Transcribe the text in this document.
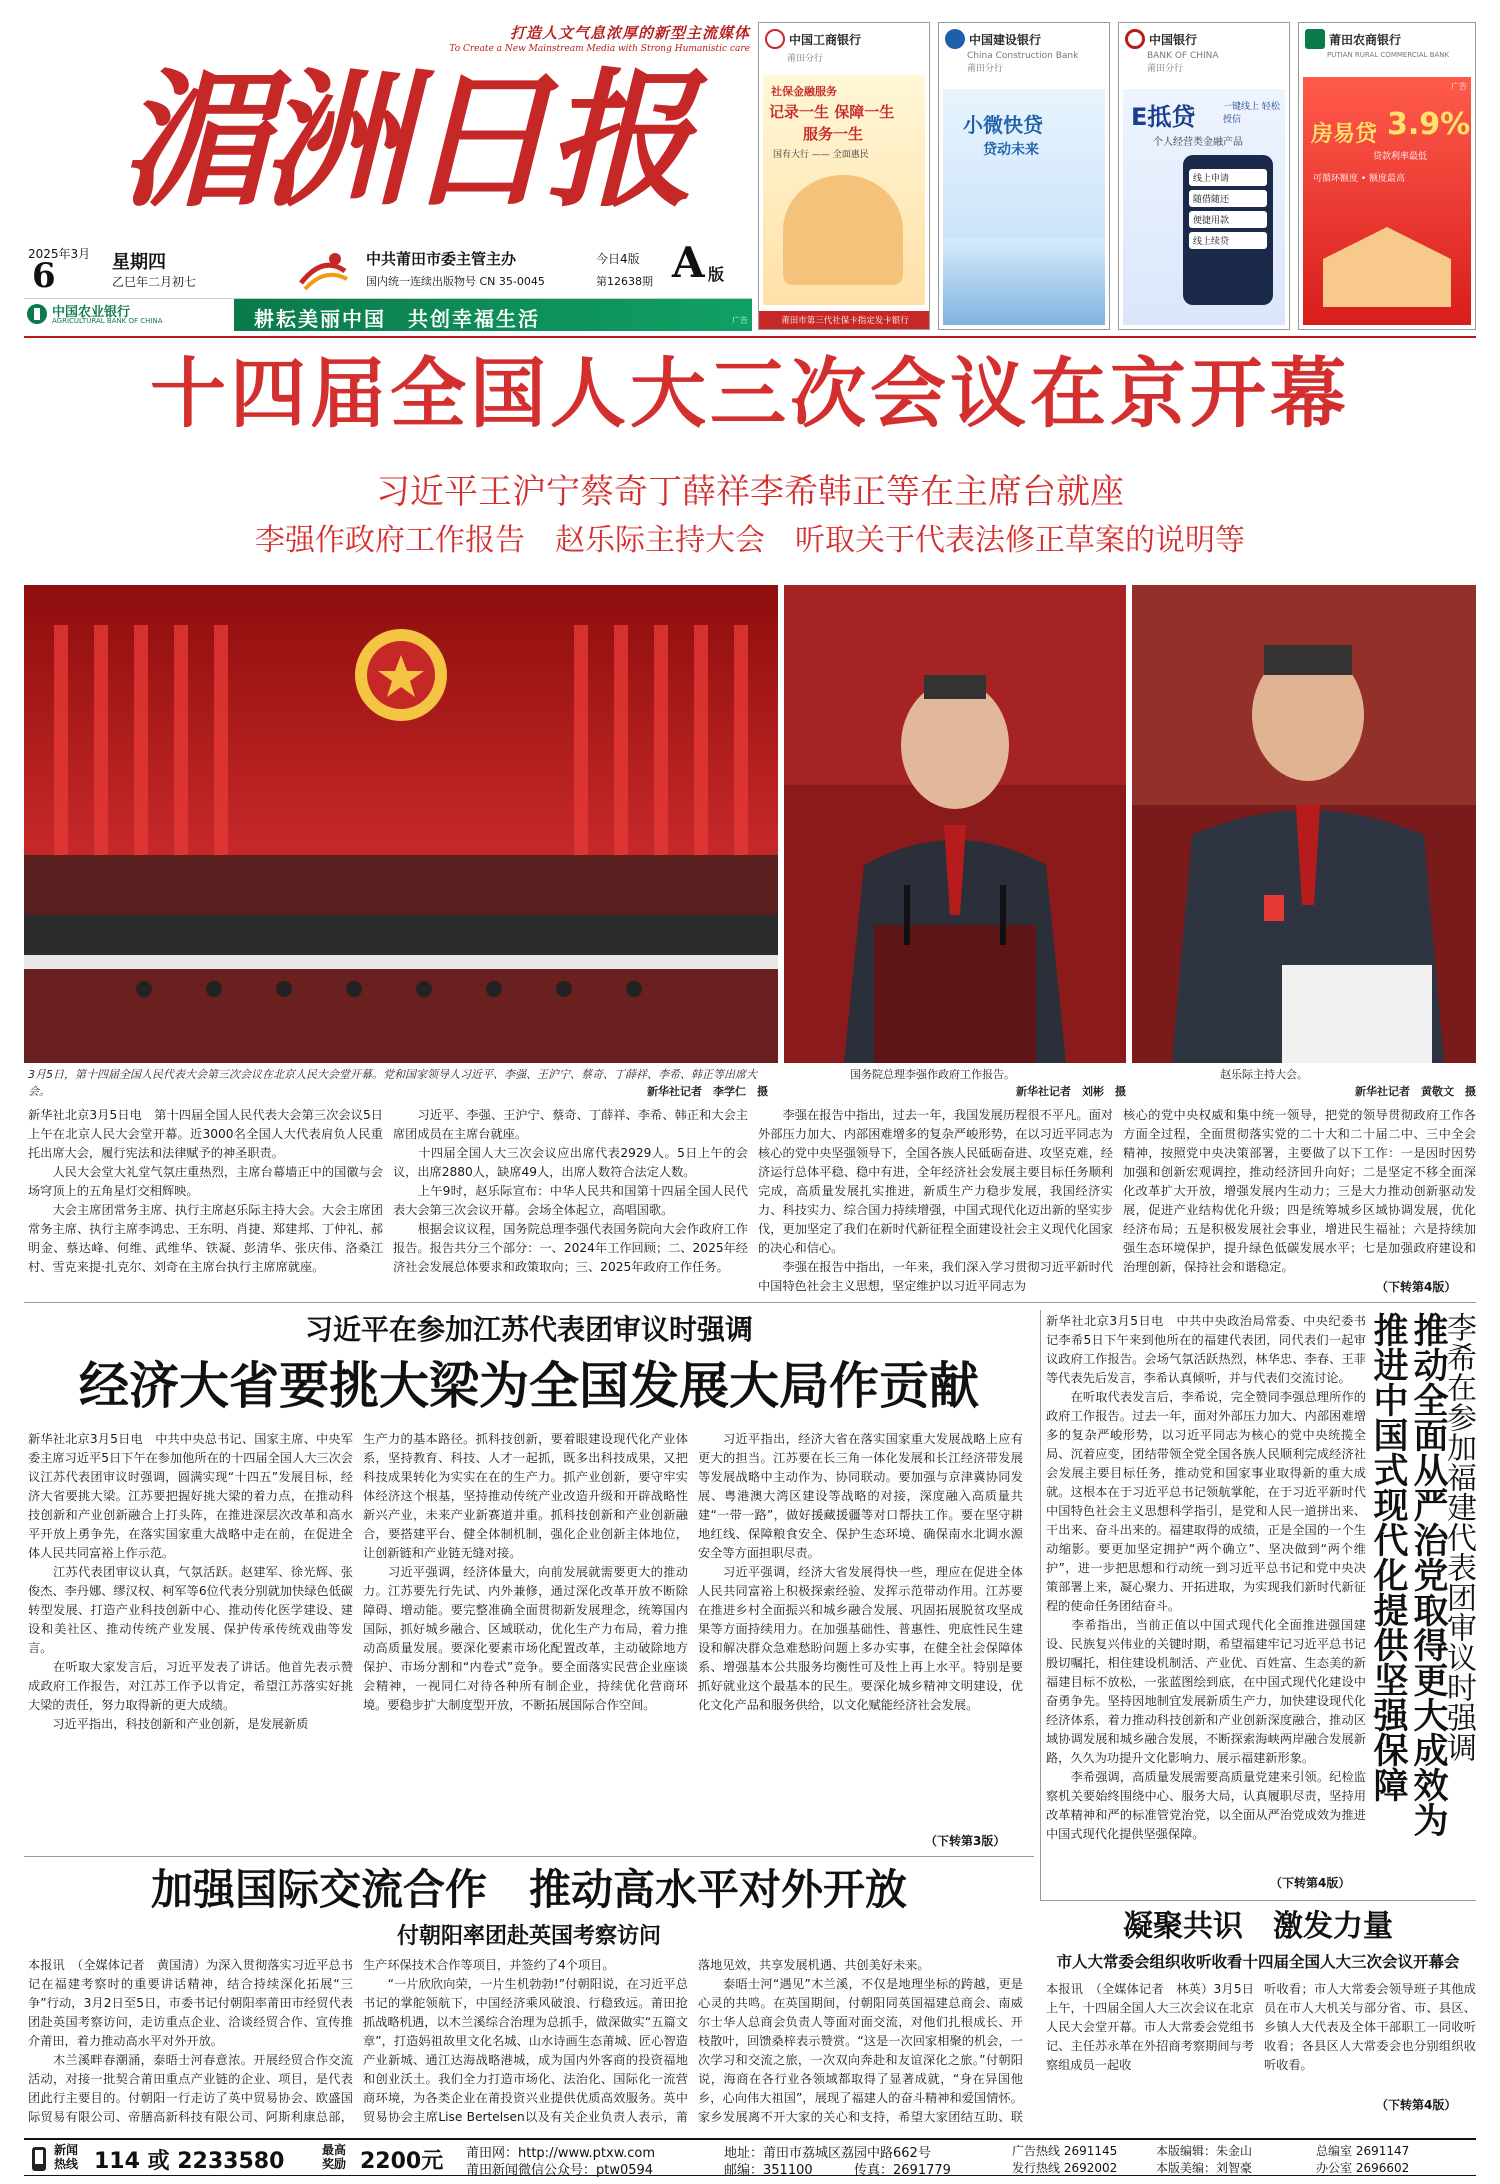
打造人文气息浓厚的新型主流媒体
To Create a New Mainstream Media with Strong Humanistic care
湄洲日报
2025年3月
6	星期四
乙巳年二月初七
中共莆田市委主管主办
国内统一连续出版物号 CN 35-0045
今日4版
第12638期 A 版
中国农业银行
AGRICULTURAL BANK OF CHINA	耕耘美丽中国　共创幸福生活	广告
中国工商银行
莆田分行
社保金融服务
记录一生 保障一生
服务一生
国有大行 —— 全面惠民
莆田市第三代社保卡指定发卡银行
中国建设银行
China Construction Bank
莆田分行
小微快贷
贷动未来
中国银行
BANK OF CHINA
莆田分行
E抵贷	一键线上 轻松授信
个人经营类金融产品
线上申请
随借随还
便捷用款
线上续贷
莆田农商银行
PUTIAN RURAL COMMERCIAL BANK
房易贷 3.9%
贷款利率最低
可循环额度 • 额度最高
广告
十四届全国人大三次会议在京开幕
习近平王沪宁蔡奇丁薛祥李希韩正等在主席台就座
李强作政府工作报告　赵乐际主持大会　听取关于代表法修正草案的说明等
3月5日，第十四届全国人民代表大会第三次会议在北京人民大会堂开幕。党和国家领导人习近平、李强、王沪宁、蔡奇、丁薛祥、李希、韩正等出席大会。	新华社记者　李学仁　摄
国务院总理李强作政府工作报告。
新华社记者　刘彬　摄
赵乐际主持大会。
新华社记者　黄敬文　摄
新华社北京3月5日电　第十四届全国人民代表大会第三次会议5日上午在北京人民大会堂开幕。近3000名全国人大代表肩负人民重托出席大会，履行宪法和法律赋予的神圣职责。
　　人民大会堂大礼堂气氛庄重热烈，主席台幕墙正中的国徽与会场穹顶上的五角星灯交相辉映。
　　大会主席团常务主席、执行主席赵乐际主持大会。大会主席团常务主席、执行主席李鸿忠、王东明、肖捷、郑建邦、丁仲礼、郝明金、蔡达峰、何维、武维华、铁凝、彭清华、张庆伟、洛桑江村、雪克来提·扎克尔、刘奇在主席台执行主席席就座。
　　习近平、李强、王沪宁、蔡奇、丁薛祥、李希、韩正和大会主席团成员在主席台就座。
　　十四届全国人大三次会议应出席代表2929人。5日上午的会议，出席2880人，缺席49人，出席人数符合法定人数。
　　上午9时，赵乐际宣布：中华人民共和国第十四届全国人民代表大会第三次会议开幕。会场全体起立，高唱国歌。
　　根据会议议程，国务院总理李强代表国务院向大会作政府工作报告。报告共分三个部分：一、2024年工作回顾；二、2025年经济社会发展总体要求和政策取向；三、2025年政府工作任务。
　　李强在报告中指出，过去一年，我国发展历程很不平凡。面对外部压力加大、内部困难增多的复杂严峻形势，在以习近平同志为核心的党中央坚强领导下，全国各族人民砥砺奋进、攻坚克难，经济运行总体平稳、稳中有进，全年经济社会发展主要目标任务顺利完成，高质量发展扎实推进，新质生产力稳步发展，我国经济实力、科技实力、综合国力持续增强，中国式现代化迈出新的坚实步伐，更加坚定了我们在新时代新征程全面建设社会主义现代化国家的决心和信心。
　　李强在报告中指出，一年来，我们深入学习贯彻习近平新时代中国特色社会主义思想，坚定维护以习近平同志为
核心的党中央权威和集中统一领导，把党的领导贯彻政府工作各方面全过程，全面贯彻落实党的二十大和二十届二中、三中全会精神，按照党中央决策部署，主要做了以下工作：一是因时因势加强和创新宏观调控，推动经济回升向好；二是坚定不移全面深化改革扩大开放，增强发展内生动力；三是大力推动创新驱动发展，促进产业结构优化升级；四是统筹城乡区域协调发展，优化经济布局；五是积极发展社会事业，增进民生福祉；六是持续加强生态环境保护，提升绿色低碳发展水平；七是加强政府建设和治理创新，保持社会和谐稳定。
（下转第4版）
习近平在参加江苏代表团审议时强调
经济大省要挑大梁为全国发展大局作贡献
新华社北京3月5日电　中共中央总书记、国家主席、中央军委主席习近平5日下午在参加他所在的十四届全国人大三次会议江苏代表团审议时强调，圆满实现“十四五”发展目标，经济大省要挑大梁。江苏要把握好挑大梁的着力点，在推动科技创新和产业创新融合上打头阵，在推进深层次改革和高水平开放上勇争先，在落实国家重大战略中走在前，在促进全体人民共同富裕上作示范。
　　江苏代表团审议认真，气氛活跃。赵建军、徐光辉、张俊杰、李丹娜、缪汉权、柯军等6位代表分别就加快绿色低碳转型发展、打造产业科技创新中心、推动传化医学建设、建设和美社区、推动传统产业发展、保护传承传统戏曲等发言。
　　在听取大家发言后，习近平发表了讲话。他首先表示赞成政府工作报告，对江苏工作予以肯定，希望江苏落实好挑大梁的责任，努力取得新的更大成绩。
　　习近平指出，科技创新和产业创新，是发展新质
生产力的基本路径。抓科技创新，要着眼建设现代化产业体系，坚持教育、科技、人才一起抓，既多出科技成果，又把科技成果转化为实实在在的生产力。抓产业创新，要守牢实体经济这个根基，坚持推动传统产业改造升级和开辟战略性新兴产业，未来产业新赛道并重。抓科技创新和产业创新融合，要搭建平台、健全体制机制，强化企业创新主体地位，让创新链和产业链无缝对接。
　　习近平强调，经济体量大，向前发展就需要更大的推动力。江苏要先行先试、内外兼修，通过深化改革开放不断除障碍、增动能。要完整准确全面贯彻新发展理念，统筹国内国际，抓好城乡融合、区域联动，优化生产力布局，着力推动高质量发展。要深化要素市场化配置改革，主动破除地方保护、市场分割和“内卷式”竞争。要全面落实民营企业座谈会精神，一视同仁对待各种所有制企业，持续优化营商环境。要稳步扩大制度型开放，不断拓展国际合作空间。
　　习近平指出，经济大省在落实国家重大发展战略上应有更大的担当。江苏要在长三角一体化发展和长江经济带发展等发展战略中主动作为、协同联动。要加强与京津冀协同发展、粤港澳大湾区建设等战略的对接，深度融入高质量共建“一带一路”，做好援藏援疆等对口帮扶工作。要在坚守耕地红线、保障粮食安全、保护生态环境、确保南水北调水源安全等方面担职尽责。
　　习近平强调，经济大省发展得快一些，理应在促进全体人民共同富裕上积极探索经验、发挥示范带动作用。江苏要在推进乡村全面振兴和城乡融合发展、巩固拓展脱贫攻坚成果等方面持续用力。在加强基础性、普惠性、兜底性民生建设和解决群众急难愁盼问题上多办实事，在健全社会保障体系、增强基本公共服务均衡性可及性上再上水平。特别是要抓好就业这个最基本的民生。要深化城乡精神文明建设，优化文化产品和服务供给，以文化赋能经济社会发展。
（下转第3版）
加强国际交流合作　推动高水平对外开放
付朝阳率团赴英国考察访问
本报讯　（全媒体记者　黄国清）为深入贯彻落实习近平总书记在福建考察时的重要讲话精神，结合持续深化拓展“三争”行动，3月2日至5日，市委书记付朝阳率莆田市经贸代表团赴英国考察访问，走访重点企业、洽谈经贸合作、宣传推介莆田，着力推动高水平对外开放。
　　木兰溪畔春潮涌，泰晤士河春意浓。开展经贸合作交流活动，对接一批契合莆田重点产业链的企业、项目，是代表团此行主要目的。付朝阳一行走访了英中贸易协会、欧盛国际贸易有限公司、帝膳高新科技有限公司、阿斯利康总部，
生产环保技术合作等项目，并签约了4个项目。
　　“一片欣欣向荣，一片生机勃勃!”付朝阳说，在习近平总书记的掌舵领航下，中国经济乘风破浪、行稳致远。莆田抢抓战略机遇，以木兰溪综合治理为总抓手，做深做实“五篇文章”，打造妈祖故里文化名城、山水诗画生态莆城、匠心智造产业新城、通江达海战略港城，成为国内外客商的投资福地和创业沃土。我们全力打造市场化、法治化、国际化一流营商环境，为各类企业在莆投资兴业提供优质高效服务。英中贸易协会主席Lise Bertelsen以及有关企业负责人表示，莆
落地见效，共享发展机遇、共创美好未来。
　　泰晤士河“遇见”木兰溪，不仅是地理坐标的跨越，更是心灵的共鸣。在英国期间，付朝阳同英国福建总商会、南威尔士华人总商会负责人等面对面交流，对他们扎根成长、开枝散叶，回馈桑梓表示赞赏。“这是一次回家相聚的机会，一次学习和交流之旅，一次双向奔赴和友谊深化之旅。”付朝阳说，海商在各行业各领域都取得了显著成就，“身在异国他乡，心向伟大祖国”，展现了福建人的奋斗精神和爱国情怀。家乡发展离不开大家的关心和支持，希望大家团结互助、联

新华社北京3月5日电　中共中央政治局常委、中央纪委书记李希5日下午来到他所在的福建代表团，同代表们一起审议政府工作报告。会场气氛活跃热烈，林华忠、李春、王菲等代表先后发言，李希认真倾听，并与代表们交流讨论。
　　在听取代表发言后，李希说，完全赞同李强总理所作的政府工作报告。过去一年，面对外部压力加大、内部困难增多的复杂严峻形势，以习近平同志为核心的党中央统揽全局、沉着应变，团结带领全党全国各族人民顺利完成经济社会发展主要目标任务，推动党和国家事业取得新的重大成就。这根本在于习近平总书记领航掌舵，在于习近平新时代中国特色社会主义思想科学指引，是党和人民一道拼出来、干出来、奋斗出来的。福建取得的成绩，正是全国的一个生动缩影。要更加坚定拥护“两个确立”、坚决做到“两个维护”，进一步把思想和行动统一到习近平总书记和党中央决策部署上来，凝心聚力、开拓进取，为实现我们新时代新征程的使命任务团结奋斗。
　　李希指出，当前正值以中国式现代化全面推进强国建设、民族复兴伟业的关键时期，希望福建牢记习近平总书记殷切嘱托，相住建设机制活、产业优、百姓富、生态美的新福建目标不放松，一张蓝图绘到底，在中国式现代化建设中奋勇争先。坚持因地制宜发展新质生产力，加快建设现代化经济体系，着力推动科技创新和产业创新深度融合，推动区域协调发展和城乡融合发展，不断探索海峡两岸融合发展新路，久久为功提升文化影响力、展示福建新形象。
　　李希强调，高质量发展需要高质量党建来引领。纪检监察机关要始终围绕中心、服务大局，认真履职尽责，坚持用改革精神和严的标准管党治党，以全面从严治党成效为推进中国式现代化提供坚强保障。	推动全面从严治党取得更大成效为推进中国式现代化提供坚强保障	李希在参加福建代表团审议时强调
（下转第4版）
凝聚共识　激发力量
市人大常委会组织收听收看十四届全国人大三次会议开幕会
本报讯　（全媒体记者　林英）3月5日上午，十四届全国人大三次会议在北京人民大会堂开幕。市人大常委会党组书记、主任苏永革在外招商考察期间与考察组成员一起收
听收看；市人大常委会领导班子其他成员在市人大机关与部分省、市、县区、乡镇人大代表及全体干部职工一同收听收看；各县区人大常委会也分别组织收听收看。
（下转第4版）
新闻热线 114 或 2233580	最高奖励 2200元 莆田网：http://www.ptxw.com
莆田新闻微信公众号：ptw0594
地址：莆田市荔城区荔园中路662号
邮编：351100	传真：2691779
广告热线 2691145
发行热线 2692002
本版编辑：朱金山
本版美编：刘智豪
总编室 2691147
办公室 2696602
